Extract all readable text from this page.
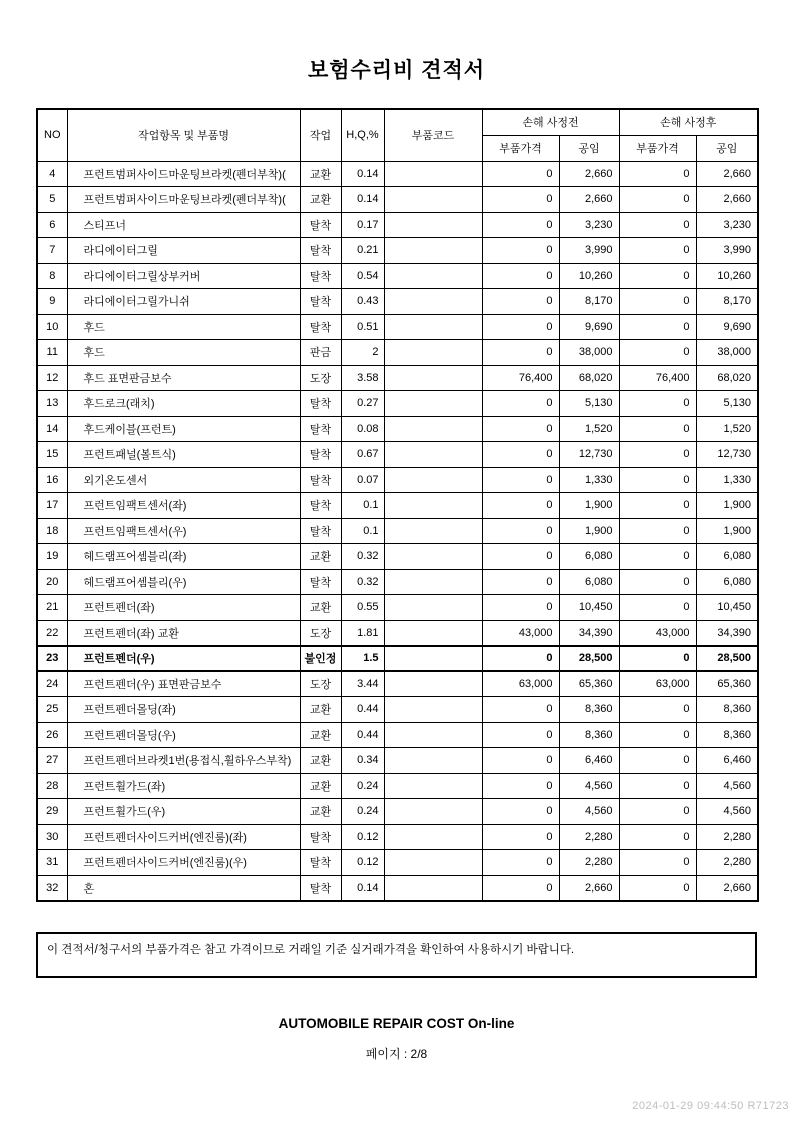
보험수리비 견적서
NO	작업항목 및 부품명	작업	H,Q,%	부품코드	손해 사정전		손해 사정후	
					부품가격	공임	부품가격	공임
4	프런트범퍼사이드마운팅브라켓(펜더부착)(	교환	0.14		0	2,660	0	2,660
5	프런트범퍼사이드마운팅브라켓(펜더부착)(	교환	0.14		0	2,660	0	2,660
6	스티프너	탈착	0.17		0	3,230	0	3,230
7	라디에이터그릴	탈착	0.21		0	3,990	0	3,990
8	라디에이터그릴상부커버	탈착	0.54		0	10,260	0	10,260
9	라디에이터그릴가니쉬	탈착	0.43		0	8,170	0	8,170
10	후드	탈착	0.51		0	9,690	0	9,690
11	후드	판금	2		0	38,000	0	38,000
12	후드 표면판금보수	도장	3.58		76,400	68,020	76,400	68,020
13	후드로크(래치)	탈착	0.27		0	5,130	0	5,130
14	후드케이블(프런트)	탈착	0.08		0	1,520	0	1,520
15	프런트패널(볼트식)	탈착	0.67		0	12,730	0	12,730
16	외기온도센서	탈착	0.07		0	1,330	0	1,330
17	프런트임팩트센서(좌)	탈착	0.1		0	1,900	0	1,900
18	프런트임팩트센서(우)	탈착	0.1		0	1,900	0	1,900
19	헤드램프어셈블리(좌)	교환	0.32		0	6,080	0	6,080
20	헤드램프어셈블리(우)	탈착	0.32		0	6,080	0	6,080
21	프런트펜더(좌)	교환	0.55		0	10,450	0	10,450
22	프런트펜더(좌) 교환	도장	1.81		43,000	34,390	43,000	34,390
23	프런트펜더(우)	불인정	1.5		0	28,500	0	28,500
24	프런트펜더(우) 표면판금보수	도장	3.44		63,000	65,360	63,000	65,360
25	프런트펜더몰딩(좌)	교환	0.44		0	8,360	0	8,360
26	프런트펜더몰딩(우)	교환	0.44		0	8,360	0	8,360
27	프런트펜더브라켓1번(용접식,휠하우스부착)	교환	0.34		0	6,460	0	6,460
28	프런트휠가드(좌)	교환	0.24		0	4,560	0	4,560
29	프런트휠가드(우)	교환	0.24		0	4,560	0	4,560
30	프런트펜더사이드커버(엔진룸)(좌)	탈착	0.12		0	2,280	0	2,280
31	프런트펜더사이드커버(엔진룸)(우)	탈착	0.12		0	2,280	0	2,280
32	혼	탈착	0.14		0	2,660	0	2,660
이 견적서/청구서의 부품가격은 참고 가격이므로 거래일 기준 실거래가격을 확인하여 사용하시기 바랍니다.
AUTOMOBILE REPAIR COST On-line
페이지 : 2/8
2024-01-29 09:44:50 R71723
